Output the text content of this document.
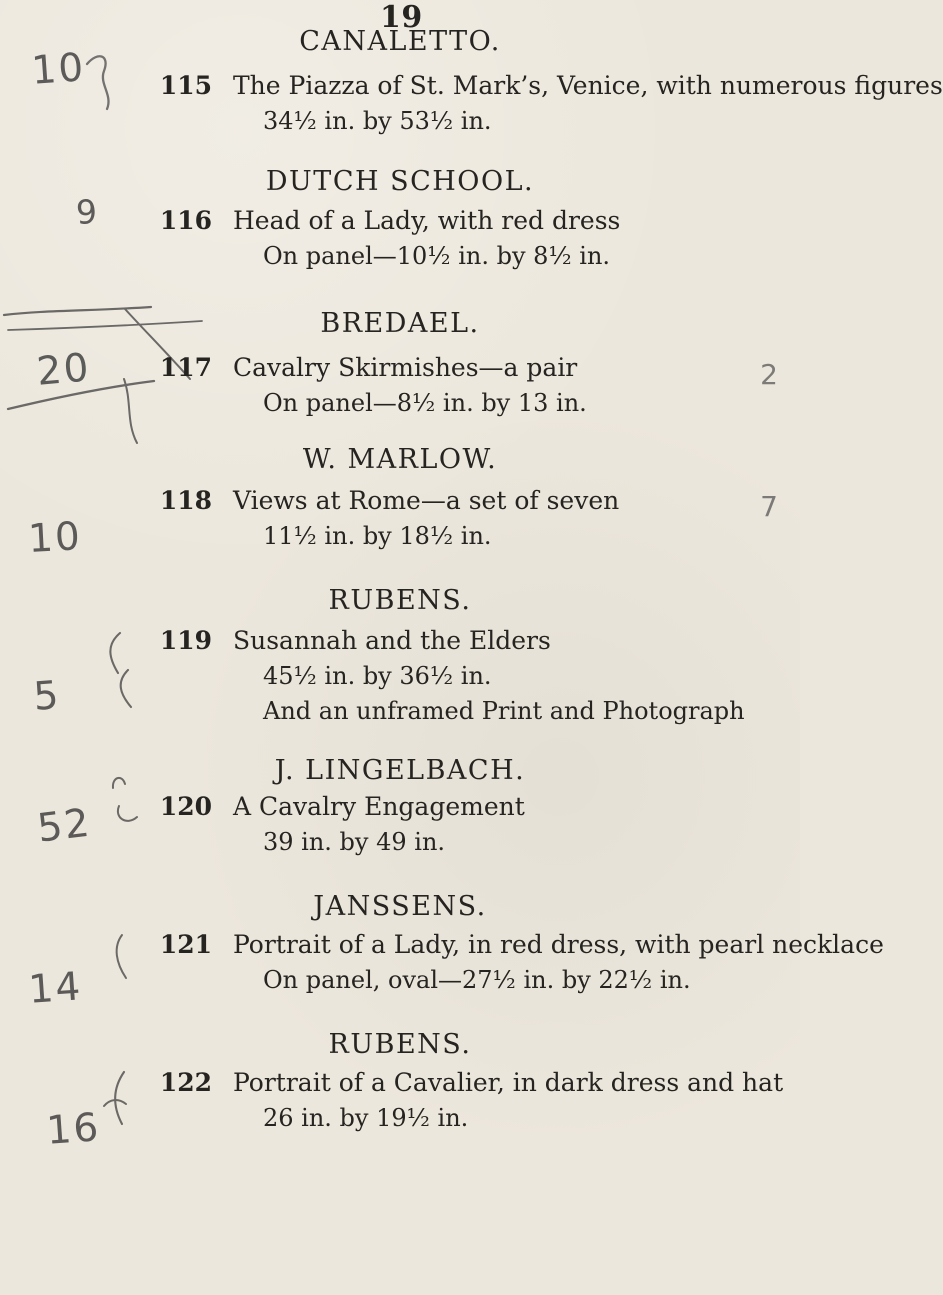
19
CANALETTO.
10	115 The Piazza of St. Mark’s, Venice, with numerous figures
34½ in. by 53½ in.
DUTCH SCHOOL.
9 116 Head of a Lady, with red dress
On panel—10½ in. by 8½ in.
BREDAEL.
20	117 Cavalry Skirmishes—a pair
On panel—8½ in. by 13 in.
2
W. MARLOW.
10
118 Views at Rome—a set of seven
11½ in. by 18½ in.
7
RUBENS.
5
119 Susannah and the Elders
45½ in. by 36½ in.
And an unframed Print and Photograph
J. LINGELBACH.
52	120 A Cavalry Engagement
39 in. by 49 in.
JANSSENS.
14
121 Portrait of a Lady, in red dress, with pearl necklace
On panel, oval—27½ in. by 22½ in.
RUBENS.
16
122 Portrait of a Cavalier, in dark dress and hat
26 in. by 19½ in.
